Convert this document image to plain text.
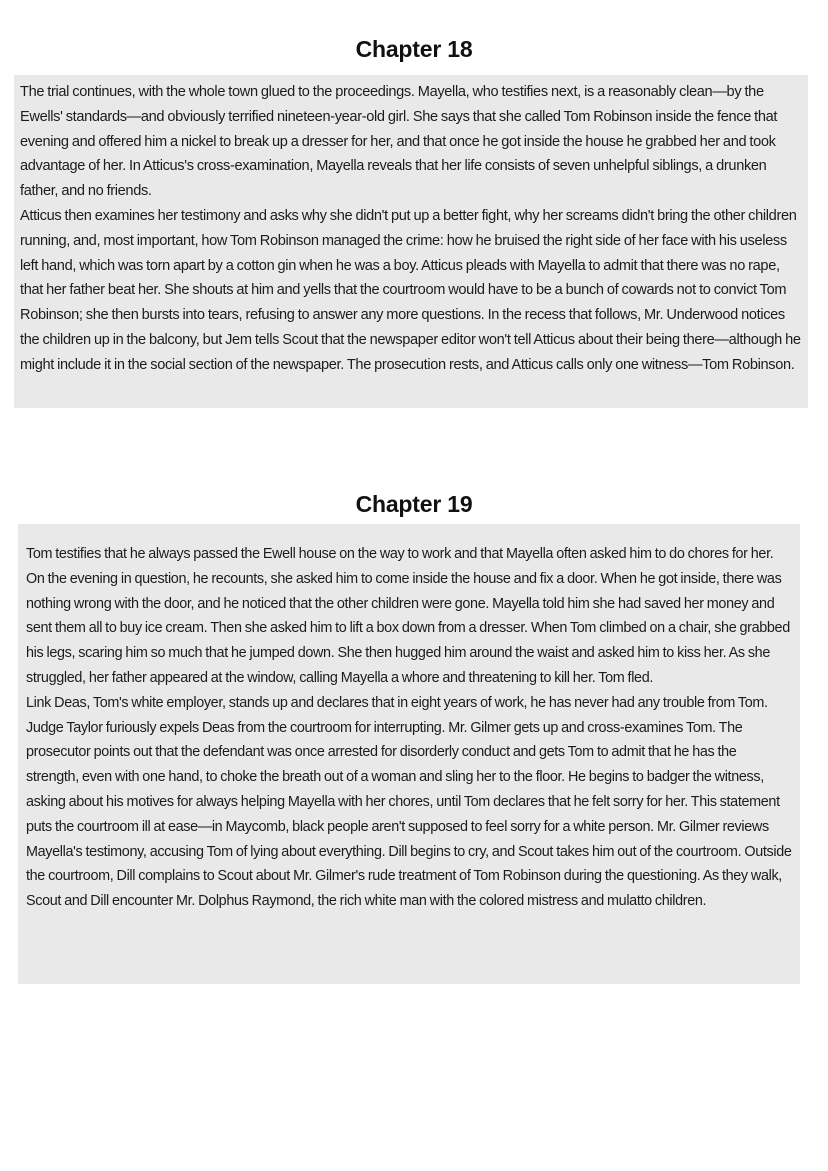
Chapter 18

The trial continues, with the whole town glued to the proceedings. Mayella, who testifies next, is a reasonably clean—by the Ewells' standards—and obviously terrified nineteen-year-old girl. She says that she called Tom Robinson inside the fence that evening and offered him a nickel to break up a dresser for her, and that once he got inside the house he grabbed her and took advantage of her. In Atticus's cross-examination, Mayella reveals that her life consists of seven unhelpful siblings, a drunken father, and no friends.

Atticus then examines her testimony and asks why she didn't put up a better fight, why her screams didn't bring the other children running, and, most important, how Tom Robinson managed the crime: how he bruised the right side of her face with his useless left hand, which was torn apart by a cotton gin when he was a boy. Atticus pleads with Mayella to admit that there was no rape, that her father beat her. She shouts at him and yells that the courtroom would have to be a bunch of cowards not to convict Tom Robinson; she then bursts into tears, refusing to answer any more questions. In the recess that follows, Mr. Underwood notices the children up in the balcony, but Jem tells Scout that the newspaper editor won't tell Atticus about their being there—although he might include it in the social section of the newspaper. The prosecution rests, and Atticus calls only one witness—Tom Robinson.

Chapter 19

Tom testifies that he always passed the Ewell house on the way to work and that Mayella often asked him to do chores for her. On the evening in question, he recounts, she asked him to come inside the house and fix a door. When he got inside, there was nothing wrong with the door, and he noticed that the other children were gone. Mayella told him she had saved her money and sent them all to buy ice cream. Then she asked him to lift a box down from a dresser. When Tom climbed on a chair, she grabbed his legs, scaring him so much that he jumped down. She then hugged him around the waist and asked him to kiss her. As she struggled, her father appeared at the window, calling Mayella a whore and threatening to kill her. Tom fled.

Link Deas, Tom's white employer, stands up and declares that in eight years of work, he has never had any trouble from Tom. Judge Taylor furiously expels Deas from the courtroom for interrupting. Mr. Gilmer gets up and cross-examines Tom. The prosecutor points out that the defendant was once arrested for disorderly conduct and gets Tom to admit that he has the strength, even with one hand, to choke the breath out of a woman and sling her to the floor. He begins to badger the witness, asking about his motives for always helping Mayella with her chores, until Tom declares that he felt sorry for her. This statement puts the courtroom ill at ease—in Maycomb, black people aren't supposed to feel sorry for a white person. Mr. Gilmer reviews Mayella's testimony, accusing Tom of lying about everything. Dill begins to cry, and Scout takes him out of the courtroom. Outside the courtroom, Dill complains to Scout about Mr. Gilmer's rude treatment of Tom Robinson during the questioning. As they walk, Scout and Dill encounter Mr. Dolphus Raymond, the rich white man with the colored mistress and mulatto children.
